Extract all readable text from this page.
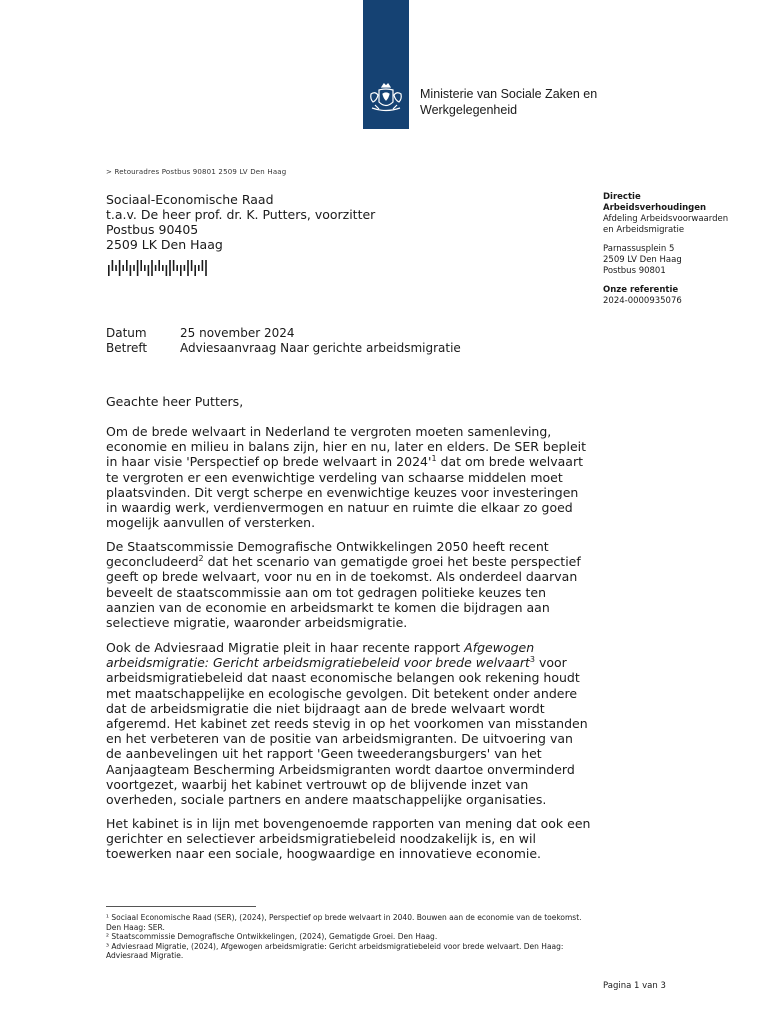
Ministerie van Sociale Zaken en
Werkgelegenheid
> Retouradres Postbus 90801 2509 LV Den Haag
Sociaal-Economische Raad
t.a.v. De heer prof. dr. K. Putters, voorzitter
Postbus 90405
2509 LK Den Haag
Directie
Arbeidsverhoudingen
Afdeling Arbeidsvoorwaarden
en Arbeidsmigratie
Parnassusplein 5
2509 LV Den Haag
Postbus 90801
Onze referentie
2024-0000935076
Datum	25 november 2024
Betreft	Adviesaanvraag Naar gerichte arbeidsmigratie
Geachte heer Putters,

Om de brede welvaart in Nederland te vergroten moeten samenleving, economie en milieu in balans zijn, hier en nu, later en elders. De SER bepleit in haar visie 'Perspectief op brede welvaart in $2024'^1$ dat om brede welvaart te vergroten er een evenwichtige verdeling van schaarse middelen moet plaatsvinden. Dit vergt scherpe en evenwichtige keuzes voor investeringen in waardig werk, verdienvermogen en natuur en ruimte die elkaar zo goed mogelijk aanvullen of versterken.

De Staatscommissie Demografische Ontwikkelingen 2050 heeft recent geconcludeerd$^2$ dat het scenario van gematigde groei het beste perspectief geeft op brede welvaart, voor nu en in de toekomst. Als onderdeel daarvan beveelt de staatscommissie aan om tot gedragen politieke keuzes ten aanzien van de economie en arbeidsmarkt te komen die bijdragen aan selectieve migratie, waaronder arbeidsmigratie.

Ook de Adviesraad Migratie pleit in haar recente rapport Afgewogen arbeidsmigratie: Gericht arbeidsmigratiebeleid voor brede welvaart$^3$ voor arbeidsmigratiebeleid dat naast economische belangen ook rekening houdt met maatschappelijke en ecologische gevolgen. Dit betekent onder andere dat de arbeidsmigratie die niet bijdraagt aan de brede welvaart wordt afgeremd. Het kabinet zet reeds stevig in op het voorkomen van misstanden en het verbeteren van de positie van arbeidsmigranten. De uitvoering van de aanbevelingen uit het rapport 'Geen tweederangsburgers' van het Aanjaagteam Bescherming Arbeidsmigranten wordt daartoe onverminderd voortgezet, waarbij het kabinet vertrouwt op de blijvende inzet van overheden, sociale partners en andere maatschappelijke organisaties.

Het kabinet is in lijn met bovengenoemde rapporten van mening dat ook een gerichter en selectiever arbeidsmigratiebeleid noodzakelijk is, en wil toewerken naar een sociale, hoogwaardige en innovatieve economie.

¹ Sociaal Economische Raad (SER), (2024), Perspectief op brede welvaart in 2040. Bouwen aan de economie van de toekomst. Den Haag: SER.
² Staatscommissie Demografische Ontwikkelingen, (2024), Gematigde Groei. Den Haag.
³ Adviesraad Migratie, (2024), Afgewogen arbeidsmigratie: Gericht arbeidsmigratiebeleid voor brede welvaart. Den Haag: Adviesraad Migratie.
Pagina 1 van 3
